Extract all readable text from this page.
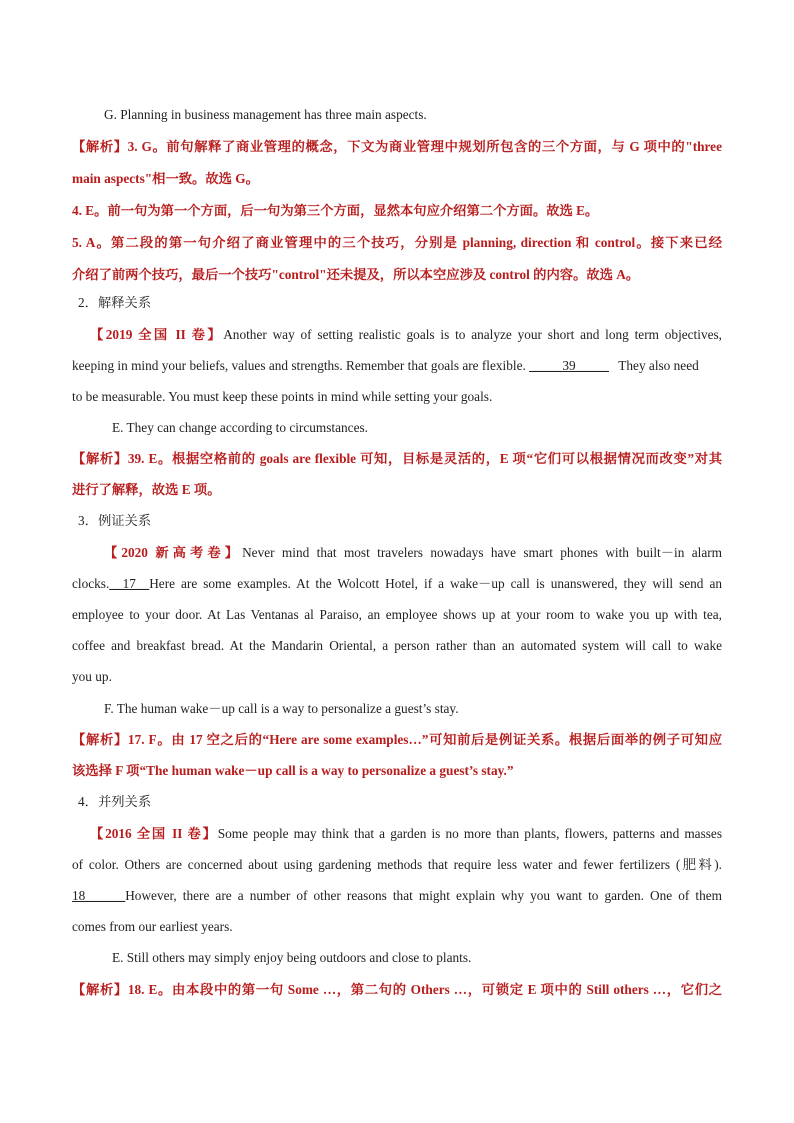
G. Planning in business management has three main aspects.
【解析】3. G。前句解释了商业管理的概念，下文为商业管理中规划所包含的三个方面，与 G 项中的"three
main aspects"相一致。故选 G。
4. E。前一句为第一个方面，后一句为第三个方面，显然本句应介绍第二个方面。故选 E。
5. A。第二段的第一句介绍了商业管理中的三个技巧，分别是 planning, direction 和 control。接下来已经
介绍了前两个技巧，最后一个技巧"control"还未提及，所以本空应涉及 control 的内容。故选 A。
2．解释关系
【2019 全国 II 卷】Another way of setting realistic goals is to analyze your short and long term objectives,
keeping in mind your beliefs, values and strengths. Remember that goals are flexible. _____39_____ They also need
to be measurable. You must keep these points in mind while setting your goals.
E. They can change according to circumstances.
【解析】39. E。根据空格前的 goals are flexible 可知，目标是灵活的，E 项“它们可以根据情况而改变”对其
进行了解释，故选 E 项。
3．例证关系
【2020 新高考卷】Never mind that most travelers nowadays have smart phones with built－in alarm
clocks.__17__Here are some examples. At the Wolcott Hotel, if a wake－up call is unanswered, they will send an
employee to your door. At Las Ventanas al Paraiso, an employee shows up at your room to wake you up with tea,
coffee and breakfast bread. At the Mandarin Oriental, a person rather than an automated system will call to wake
you up.
F. The human wake－up call is a way to personalize a guest’s stay.
【解析】17. F。由 17 空之后的“Here are some examples…”可知前后是例证关系。根据后面举的例子可知应
该选择 F 项“The human wake－up call is a way to personalize a guest’s stay.”
4．并列关系
【2016 全国 II 卷】Some people may think that a garden is no more than plants, flowers, patterns and masses
of color. Others are concerned about using gardening methods that require less water and fewer fertilizers (肥料).
18______However, there are a number of other reasons that might explain why you want to garden. One of them
comes from our earliest years.
E. Still others may simply enjoy being outdoors and close to plants.
【解析】18. E。由本段中的第一句 Some …，第二句的 Others …，可锁定 E 项中的 Still others …，它们之
